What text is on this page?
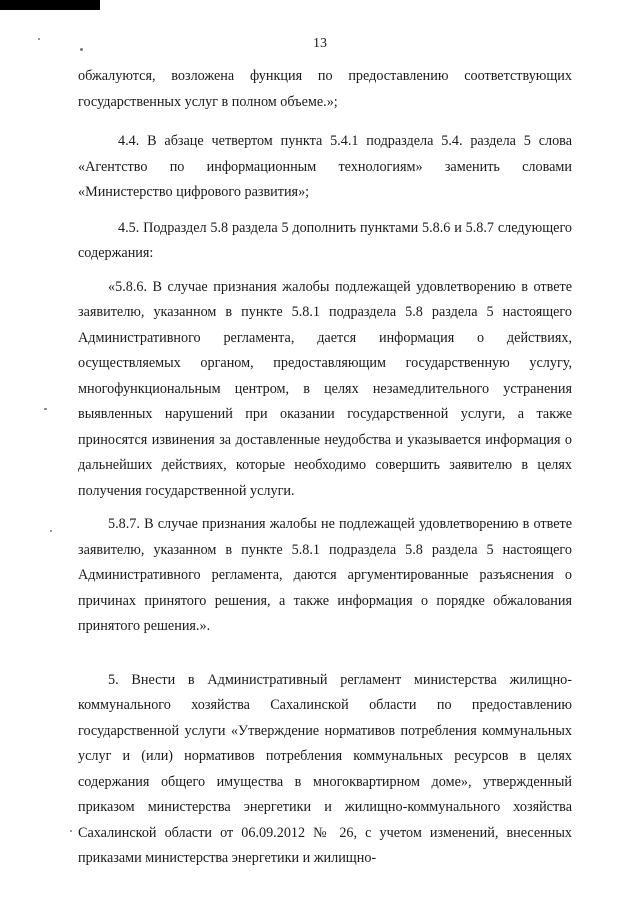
13

обжалуются, возложена функция по предоставлению соответствующих государственных услуг в полном объеме.»;

4.4. В абзаце четвертом пункта 5.4.1 подраздела 5.4. раздела 5 слова «Агентство по информационным технологиям» заменить словами «Министерство цифрового развития»;

4.5. Подраздел 5.8 раздела 5 дополнить пунктами 5.8.6 и 5.8.7 следующего содержания:

«5.8.6. В случае признания жалобы подлежащей удовлетворению в ответе заявителю, указанном в пункте 5.8.1 подраздела 5.8 раздела 5 настоящего Административного регламента, дается информация о действиях, осуществляемых органом, предоставляющим государственную услугу, многофункциональным центром, в целях незамедлительного устранения выявленных нарушений при оказании государственной услуги, а также приносятся извинения за доставленные неудобства и указывается информация о дальнейших действиях, которые необходимо совершить заявителю в целях получения государственной услуги.

5.8.7. В случае признания жалобы не подлежащей удовлетворению в ответе заявителю, указанном в пункте 5.8.1 подраздела 5.8 раздела 5 настоящего Административного регламента, даются аргументированные разъяснения о причинах принятого решения, а также информация о порядке обжалования принятого решения.».

5. Внести в Административный регламент министерства жилищно-коммунального хозяйства Сахалинской области по предоставлению государственной услуги «Утверждение нормативов потребления коммунальных услуг и (или) нормативов потребления коммунальных ресурсов в целях содержания общего имущества в многоквартирном доме», утвержденный приказом министерства энергетики и жилищно-коммунального хозяйства Сахалинской области от 06.09.2012 № 26, с учетом изменений, внесенных приказами министерства энергетики и жилищно-
